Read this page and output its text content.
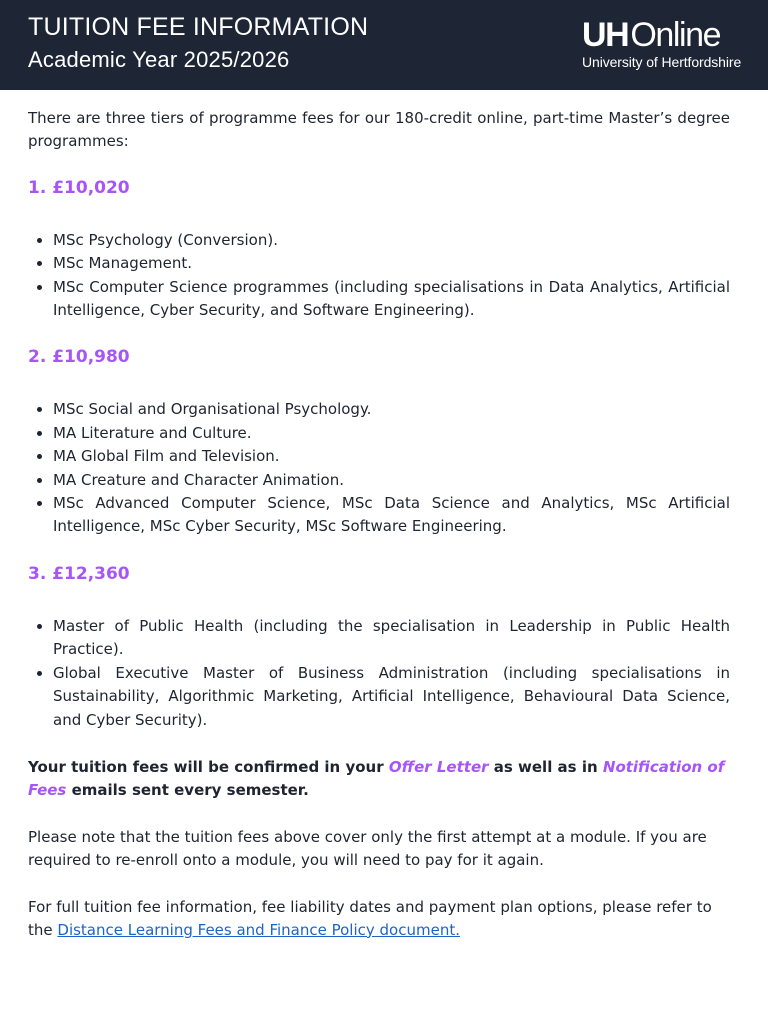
TUITION FEE INFORMATION
Academic Year 2025/2026
UHOnline
University of Hertfordshire
There are three tiers of programme fees for our 180-credit online, part-time Master’s degree programmes:
1. £10,020
• MSc Psychology (Conversion).
• MSc Management.
• MSc Computer Science programmes (including specialisations in Data Analytics, Artificial Intelligence, Cyber Security, and Software Engineering).
2. £10,980
• MSc Social and Organisational Psychology.
• MA Literature and Culture.
• MA Global Film and Television.
• MA Creature and Character Animation.
• MSc Advanced Computer Science, MSc Data Science and Analytics, MSc Artificial Intelligence, MSc Cyber Security, MSc Software Engineering.
3. £12,360
• Master of Public Health (including the specialisation in Leadership in Public Health Practice).
• Global Executive Master of Business Administration (including specialisations in Sustainability, Algorithmic Marketing, Artificial Intelligence, Behavioural Data Science, and Cyber Security).
Your tuition fees will be confirmed in your Offer Letter as well as in Notification of Fees emails sent every semester.
Please note that the tuition fees above cover only the first attempt at a module. If you are required to re-enroll onto a module, you will need to pay for it again.
For full tuition fee information, fee liability dates and payment plan options, please refer to the Distance Learning Fees and Finance Policy document.
